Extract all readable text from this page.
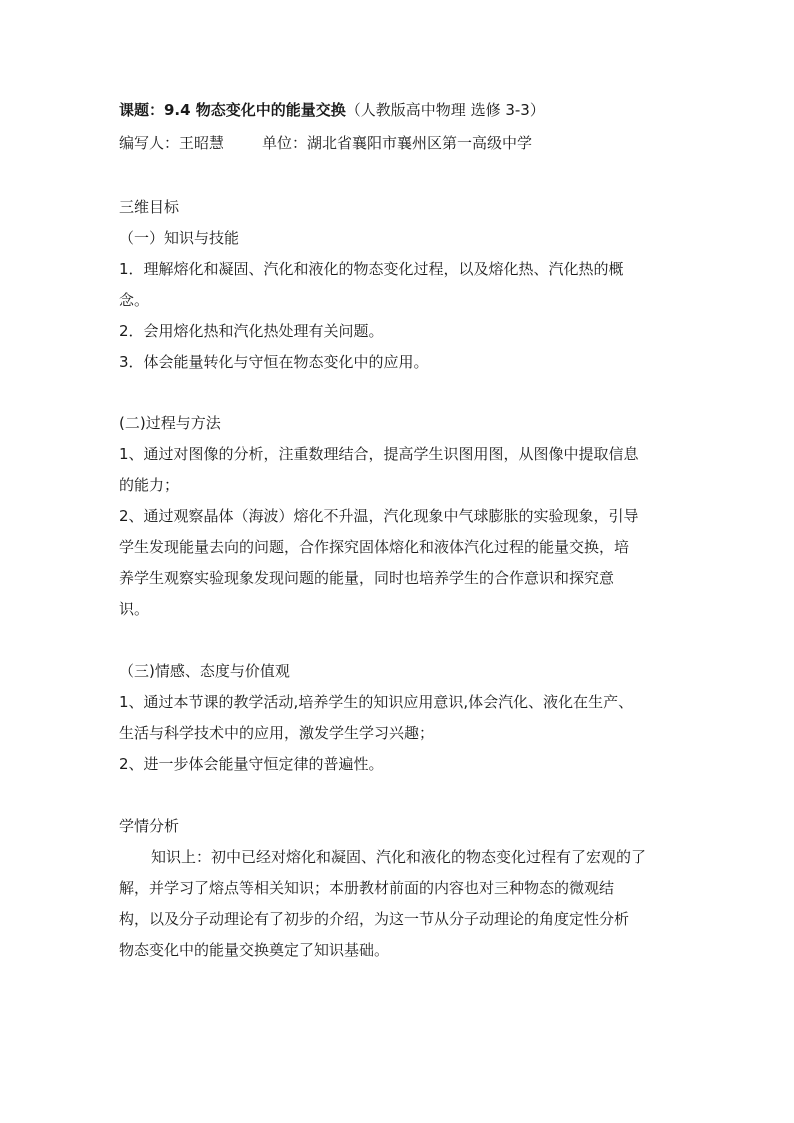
课题：9.4 物态变化中的能量交换（人教版高中物理 选修 3-3）
编写人：王昭慧	单位：湖北省襄阳市襄州区第一高级中学
三维目标
（一）知识与技能
1．理解熔化和凝固、汽化和液化的物态变化过程，以及熔化热、汽化热的概
念。
2．会用熔化热和汽化热处理有关问题。
3．体会能量转化与守恒在物态变化中的应用。
(二)过程与方法
1、通过对图像的分析，注重数理结合，提高学生识图用图，从图像中提取信息
的能力；
2、通过观察晶体（海波）熔化不升温，汽化现象中气球膨胀的实验现象，引导
学生发现能量去向的问题，合作探究固体熔化和液体汽化过程的能量交换，培
养学生观察实验现象发现问题的能量，同时也培养学生的合作意识和探究意
识。
（三)情感、态度与价值观
1、通过本节课的教学活动,培养学生的知识应用意识,体会汽化、液化在生产、
生活与科学技术中的应用，激发学生学习兴趣；
2、进一步体会能量守恒定律的普遍性。
学情分析
知识上：初中已经对熔化和凝固、汽化和液化的物态变化过程有了宏观的了
解，并学习了熔点等相关知识；本册教材前面的内容也对三种物态的微观结
构，以及分子动理论有了初步的介绍，为这一节从分子动理论的角度定性分析
物态变化中的能量交换奠定了知识基础。
